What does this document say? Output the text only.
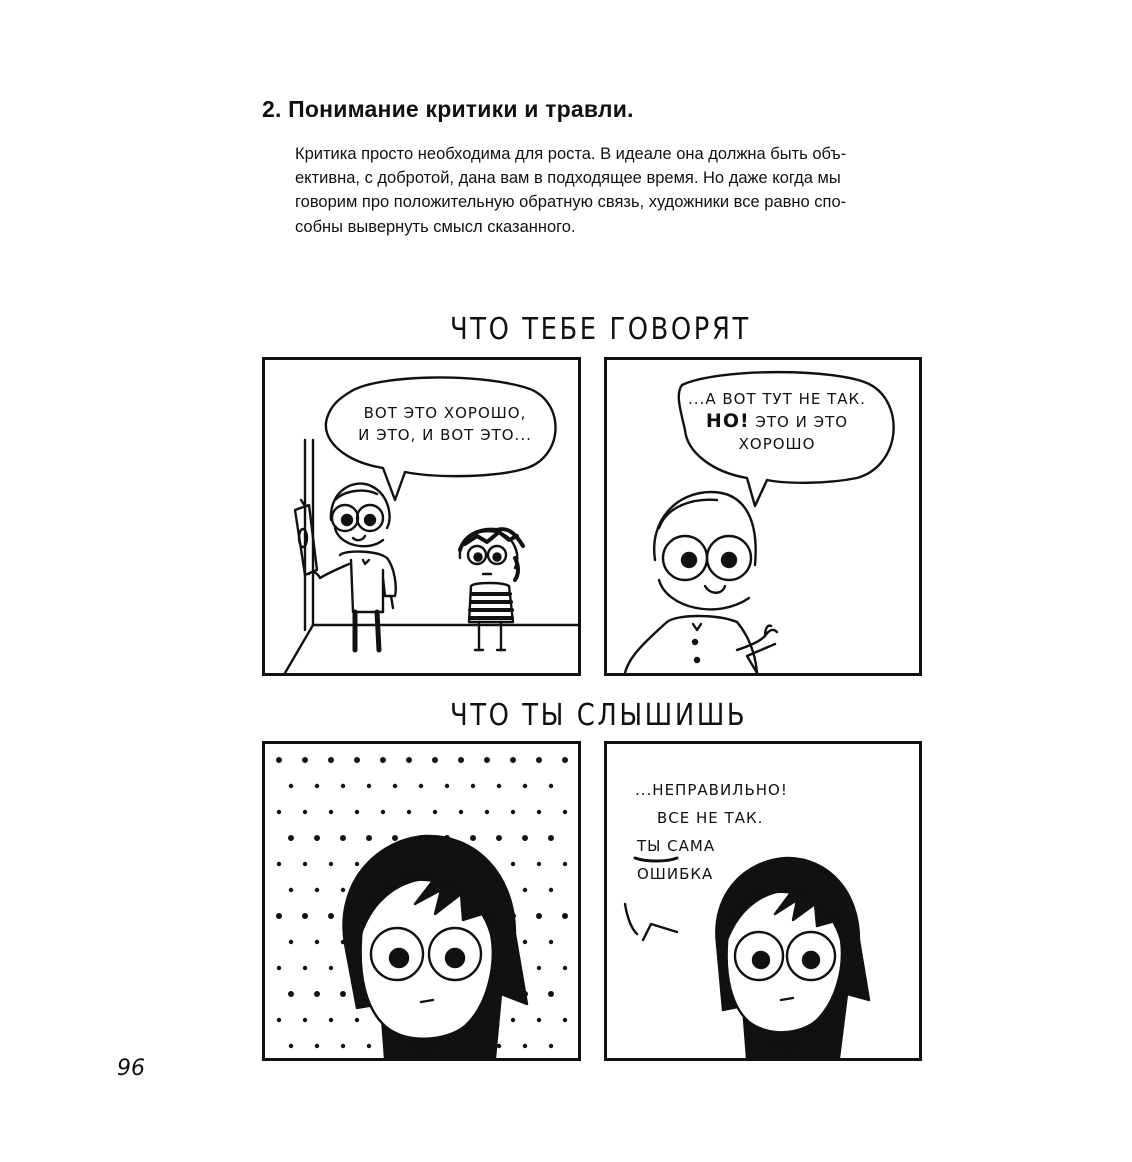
2. Понимание критики и травли.
Критика просто необходима для роста. В идеале она должна быть объ-
ективна, с добротой, дана вам в подходящее время. Но даже когда мы
говорим про положительную обратную связь, художники все равно спо-
собны вывернуть смысл сказанного.
ЧТО ТЕБЕ ГОВОРЯТ
ВОТ ЭТО ХОРОШО,
И ЭТО, И ВОТ ЭТО...
...А ВОТ ТУТ НЕ ТАК.
НО! ЭТО И ЭТО
ХОРОШО
ЧТО ТЫ СЛЫШИШЬ
...НЕПРАВИЛЬНО!
ВСЕ НЕ ТАК.
ТЫ САМА
ОШИБКА
96
